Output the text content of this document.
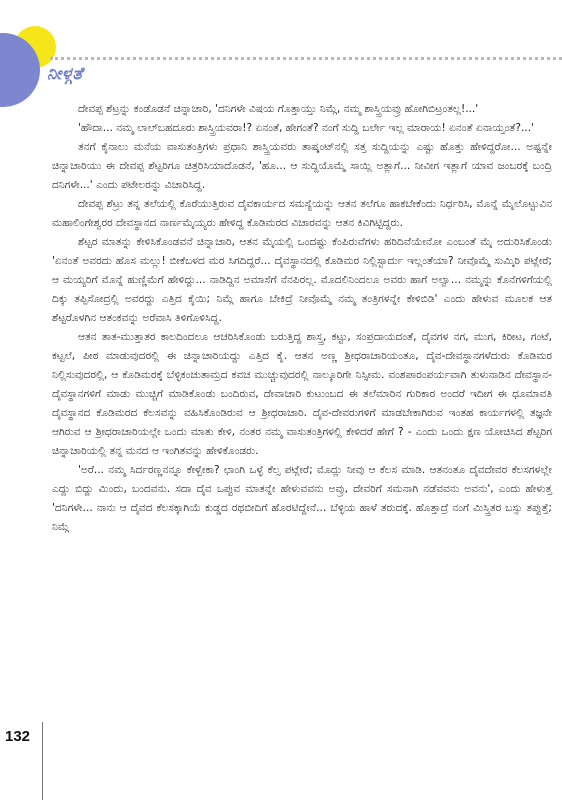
ನೀಳ್ಗತೆ

ದೇವಪ್ಪ ಶೆಟ್ರನ್ನು ಕಂಡೊಡನೆ ಚಿನ್ನಾಚಾರಿ, 'ದನಿಗಳೇ ವಿಷಯ ಗೊತ್ತಾಯ್ತು ನಿಮ್ಗೆ, ನಮ್ಮ ಶಾಸ್ತ್ರಿಯವ್ರು ಹೋಗಿಬಿಟ್ರಂತಲ್ಲ!...'

'ಹೌದಾ... ನಮ್ಮ ಲಾಲ್‌ಬಹದೂರು ಶಾಸ್ತ್ರಿಯವರಾ!? ಏನಂತೆ, ಹೇಗಂತೆ? ನಂಗೆ ಸುದ್ದಿ ಬರ್ಲೇ ಇಲ್ಲ ಮಾರಾಯ! ಏನಂತೆ ಏನಾಯ್ತಂತೆ?...'

ತನಗೆ ಕೈನಾಲು ಮನೆಯ ವಾಸುತಂತ್ರಿಗಳು ಪ್ರಧಾನಿ ಶಾಸ್ತ್ರಿಯವರು ತಾಷ್ಕಂಟ್‌ನಲ್ಲಿ ಸತ್ತ ಸುದ್ದಿಯನ್ನು ಎಷ್ಟು ಹೊತ್ತು ಹೇಳಿದ್ದರೋ... ಅಷ್ಟನ್ನೇ ಚಿನ್ನಾಚಾರಿಯು ಈ ದೇವಪ್ಪ ಶೆಟ್ಟರಿಗೂ ಚಿತ್ರರಿಸಿಯಾದೊಡನೆ, 'ಹೂ... ಆ ಸುದ್ದಿಯೊಮ್ಮೆ ಸಾಯ್ಲಿ ಅತ್ಲಾಗೆ... ನೀವೀಗ ಇತ್ಲಾಗೆ ಯಾವ ಜಂಬರಕ್ಕೆ ಬಂದ್ರಿ ದನಿಗಳೇ...' ಎಂದು ಪಟೇಲರನ್ನು ವಿಚಾರಿಸಿದ್ದ.

ದೇವಪ್ಪ ಶೆಟ್ರು ತನ್ನ ತಲೆಯಲ್ಲಿ ಕೊರೆಯುತ್ತಿರುವ ದೈವಕಾರ್ಯದ ಸಮಸ್ಯೆಯನ್ನು ಆತನ ತಲೆಗೂ ಹಾಕಬೇಕೆಂದು ನಿರ್ಧರಿಸಿ, ಮೊನ್ನೆ ಮೈಲೊಟ್ಟುವಿನ ಮಹಾಲಿಂಗೇಶ್ವರರ ದೇವಸ್ಥಾನದ ನಾರ್ಣಮೈಯ್ಯರು ಹೇಳಿದ್ದ ಕೊಡಿಮರದ ವಿಚಾರವನ್ನು ಆತನ ಕಿವಿಗಿಟ್ಟಿದ್ದರು.

ಶೆಟ್ಟರ ಮಾತನ್ನು ಕೇಳಿಸಿಕೊಂಡವನೆ ಚಿನ್ನಾಚಾರಿ, ಆತನ ಮೈಯಲ್ಲಿ ಒಂದಷ್ಟು ಕೆಂಪಿರುವೆಗಳು ಹರಿದಿವೆಯೇನೋ ಎಂಬಂತೆ ಮೈ ಅದುರಿಸಿಕೊಂಡು 'ಏನಂತೆ ಅವರದು ಹೊಸ ಮಲ್ಲು! ಬೀಕೆಬಳದ ಮರ ಸಿಗದಿದ್ದರೆ... ದೈವಸ್ಥಾನದಲ್ಲಿ ಕೊಡಿಮರ ನಿಲ್ಲಿಸ್ಬಾರ್ದು ಇಲ್ಲಂತೆಯಾ? ನೀವೊಮ್ಮೆ ಸುಮ್ಕಿರಿ ಪಟ್ಲೇರೆ; ಆ ಮಯ್ಯರಿಗೆ ಮೊನ್ನೆ ಹುಣ್ಣಿಮೆಗೆ ಹೇಳಿದ್ದು... ನಾಡಿದ್ದಿನ ಅಮಾಸೆಗೆ ನೆನಪಿರಲ್ಲ. ಮೊದಲಿನಿಂದಲೂ ಅವರು ಹಾಗೆ ಅಲ್ವಾ... ನಮ್ಮನ್ನು ಕೊನೆಗಳಿಗೆಯಲ್ಲಿ ದಿಕ್ಕು ತಪ್ಪಿಸೋದ್ರಲ್ಲಿ ಅವರದ್ದು ಎತ್ತಿದ ಕೈಯಿ; ನಿಮ್ಗೆ ಹಾಗೂ ಬೇಕಿದ್ರೆ ನೀವೊಮ್ಮೆ ನಮ್ಮ ತಂತ್ರಿಗಳನ್ನೇ ಕೇಳಿಬಿಡಿ' ಎಂದು ಹೇಳುವ ಮೂಲಕ ಆತ ಶೆಟ್ಟರೊಳಗಿನ ಆತಂಕವನ್ನು ಅರೆವಾಸಿ ತಿಳಿಗೊಳಿಸಿದ್ದ.

ಆತನ ತಾತ-ಮುತ್ತಾತರ ಕಾಲದಿಂದಲೂ ಆಚರಿಸಿಕೊಂಡು ಬರುತ್ತಿದ್ದ ಶಾಸ್ತ್ರ, ಕಟ್ಟು, ಸಂಪ್ರದಾಯದಂತೆ, ದೈವಗಳ ನಗ, ಮುಗ, ಕಿರೀಟ, ಗಂಟೆ, ಕಟ್ಟಲೆ, ಪೀಠ ಮಾಡುವುದರಲ್ಲಿ ಈ ಚಿನ್ನಾಚಾರಿಯದ್ದು ಎತ್ತಿದ ಕೈ. ಆತನ ಅಣ್ಣ ಶ್ರೀಧರಾಚಾರಿಯಂತೂ, ದೈವ-ದೇವಸ್ಥಾನಗಳೆದುರು ಕೊಡಿಮರ ನಿಲ್ಲಿಸುವುದರಲ್ಲಿ, ಆ ಕೊಡಿಮರಕ್ಕೆ ಬೆಳ್ಳಿಕಂಚುತಾಮ್ರದ ಕವಚ ಮುಚ್ಚುವುದರಲ್ಲಿ ನಾಲ್ಕೂರಿಗೇ ನಿಸ್ಸೀಮ. ವಂಶಪಾರಂಪರ್ಯವಾಗಿ ತುಳುನಾಡಿನ ದೇವಸ್ಥಾನ-ದೈವಸ್ಥಾನಗಳಿಗೆ ಮಾಡು ಮುಚ್ಚಿಗೆ ಮಾಡಿಕೊಂಡು ಬಂದಿರುವ, ದೇವಾಚಾರಿ ಕುಟುಂಬದ ಈ ತಲೆಮಾರಿನ ಗುರಿಕಾರ ಅಂದರೆ ಇದೀಗ ಈ ಧೂಮಾವತಿ ದೈವಸ್ಥಾನದ ಕೊಡಿಮರದ ಕೆಲಸವನ್ನು ವಹಿಸಿಕೊಂಡಿರುವ ಆ ಶ್ರೀಧರಾಚಾರಿ. ದೈವ-ದೇವರುಗಳಿಗೆ ಮಾಡಬೇಕಾಗಿರುವ ಇಂತಹ ಕಾರ್ಯಗಳಲ್ಲಿ ತಜ್ಞನೇ ಆಗಿರುವ ಆ ಶ್ರೀಧರಾಚಾರಿಯಲ್ಲೇ ಒಂದು ಮಾತು ಕೇಳಿ, ನಂತರ ನಮ್ಮ ವಾಸುತಂತ್ರಿಗಳಲ್ಲಿ ಕೇಳಿದರೆ ಹೇಗೆ ? - ಎಂದು ಒಂದು ಕ್ಷಣ ಯೋಚಿಸಿದ ಶೆಟ್ಟರಿಗ ಚಿನ್ನಾಚಾರಿಯಲ್ಲಿ ತನ್ನ ಮನದ ಆ ಇಂಗಿತವನ್ನು ಹೇಳಿಕೊಂಡರು.

'ಅರೆ... ನಮ್ಮ ಸಿರ್ದರಣ್ಣನನ್ನೂ ಕೇಳ್ಬೇಕಾ? ಛಾಂಗಿ ಒಳ್ಳೆ ಕೆಲ್ಸ ಪಟ್ಲೇರೆ; ಮೊದ್ಲು ನೀವು ಆ ಕೆಲಸ ಮಾಡಿ. ಆತನಂತೂ ದೈವದೇವರ ಕೆಲಸಗಳಲ್ಲೇ ಎದ್ದು ಬಿದ್ದು ಮಿಂದು, ಬಂದವನು. ಸದಾ ದೈವ ಒಪ್ಪುವ ಮಾತನ್ನೇ ಹೇಳುವವನು ಅವ್ರು, ದೇವರಿಗೆ ಸಮನಾಗಿ ನಡೆವವನು ಅವನು', ಎಂದು ಹೇಳುತ್ತ 'ದನಿಗಳೇ... ನಾನು ಆ ದೈವದ ಕೆಲಸಕ್ಕಾಗಿಯೆ ಕುಡ್ಡದ ರಥಬೀದಿಗೆ ಹೊರಟಿದ್ದೇನೆ... ಬೆಳ್ಳಿಯ ಹಾಳೆ ತರುದಕ್ಕೆ. ಹೊತ್ತಾದ್ರೆ ನಂಗೆ ಮಿಸ್ತ್ರಿತರ ಬಸ್ಸು ತಪ್ಪುತ್ತೆ; ನಿಮ್ಗೆ

132
